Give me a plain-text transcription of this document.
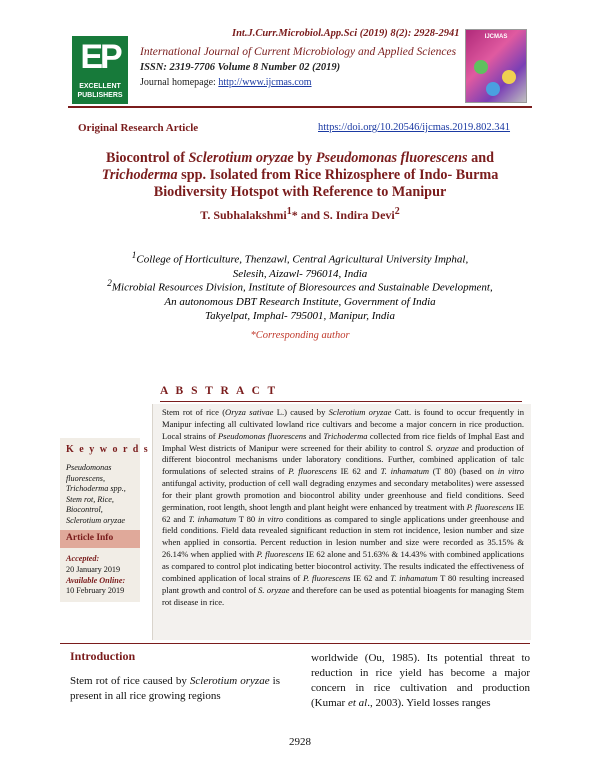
Int.J.Curr.Microbiol.App.Sci (2019) 8(2): 2928-2941
EP
EXCELLENT
PUBLISHERS
International Journal of Current Microbiology and Applied Sciences
ISSN: 2319-7706 Volume 8 Number 02 (2019)
Journal homepage: http://www.ijcmas.com
IJCMAS
Original Research Article	https://doi.org/10.20546/ijcmas.2019.802.341
Biocontrol of Sclerotium oryzae by Pseudomonas fluorescens and
Trichoderma spp. Isolated from Rice Rhizosphere of Indo- Burma
Biodiversity Hotspot with Reference to Manipur
T. Subhalakshmi$^1$* and S. Indira Devi$^2$
$^1$College of Horticulture, Thenzawl, Central Agricultural University Imphal,
Selesih, Aizawl- 796014, India
$^2$Microbial Resources Division, Institute of Bioresources and Sustainable Development,
An autonomous DBT Research Institute, Government of India
Takyelpat, Imphal- 795001, Manipur, India
*Corresponding author
A B S T R A C T
Stem rot of rice (Oryza sativae L.) caused by Sclerotium oryzae Catt. is found to occur frequently in Manipur infecting all cultivated lowland rice cultivars and become a major concern in rice production. Local strains of Pseudomonas fluorescens and Trichoderma collected from rice fields of Imphal East and Imphal West districts of Manipur were screened for their ability to control S. oryzae and production of different biocontrol mechanisms under laboratory conditions. Further, combined application of talc formulations of selected strains of P. fluorescens IE 62 and T. inhamatum (T 80) (based on in vitro antifungal activity, production of cell wall degrading enzymes and secondary metabolites) were assessed for their plant growth promotion and biocontrol ability under greenhouse and field conditions. Seed germination, root length, shoot length and plant height were enhanced by treatment with P. fluorescens IE 62 and T. inhamatum T 80 in vitro conditions as compared to single applications under greenhouse and field conditions. Field data revealed significant reduction in stem rot incidence, lesion number and size when applied in consortia. Percent reduction in lesion number and size were recorded as 35.15% & 26.14% when applied with P. fluorescens IE 62 alone and 51.63% & 14.43% with combined applications as compared to control plot indicating better biocontrol activity. The results indicated the effectiveness of combined application of local strains of P. fluorescens IE 62 and T. inhamatum T 80 resulting increased plant growth and control of S. oryzae and therefore can be used as potential bioagents for managing Stem rot disease in rice.
K e y w o r d s
Pseudomonas fluorescens,
Trichoderma spp.,
Stem rot, Rice,
Biocontrol,
Sclerotium oryzae
Article Info
Accepted:
20 January 2019
Available Online:
10 February 2019
Introduction
Stem rot of rice caused by Sclerotium oryzae is present in all rice growing regions
worldwide (Ou, 1985). Its potential threat to reduction in rice yield has become a major concern in rice cultivation and production (Kumar et al., 2003). Yield losses ranges
2928
